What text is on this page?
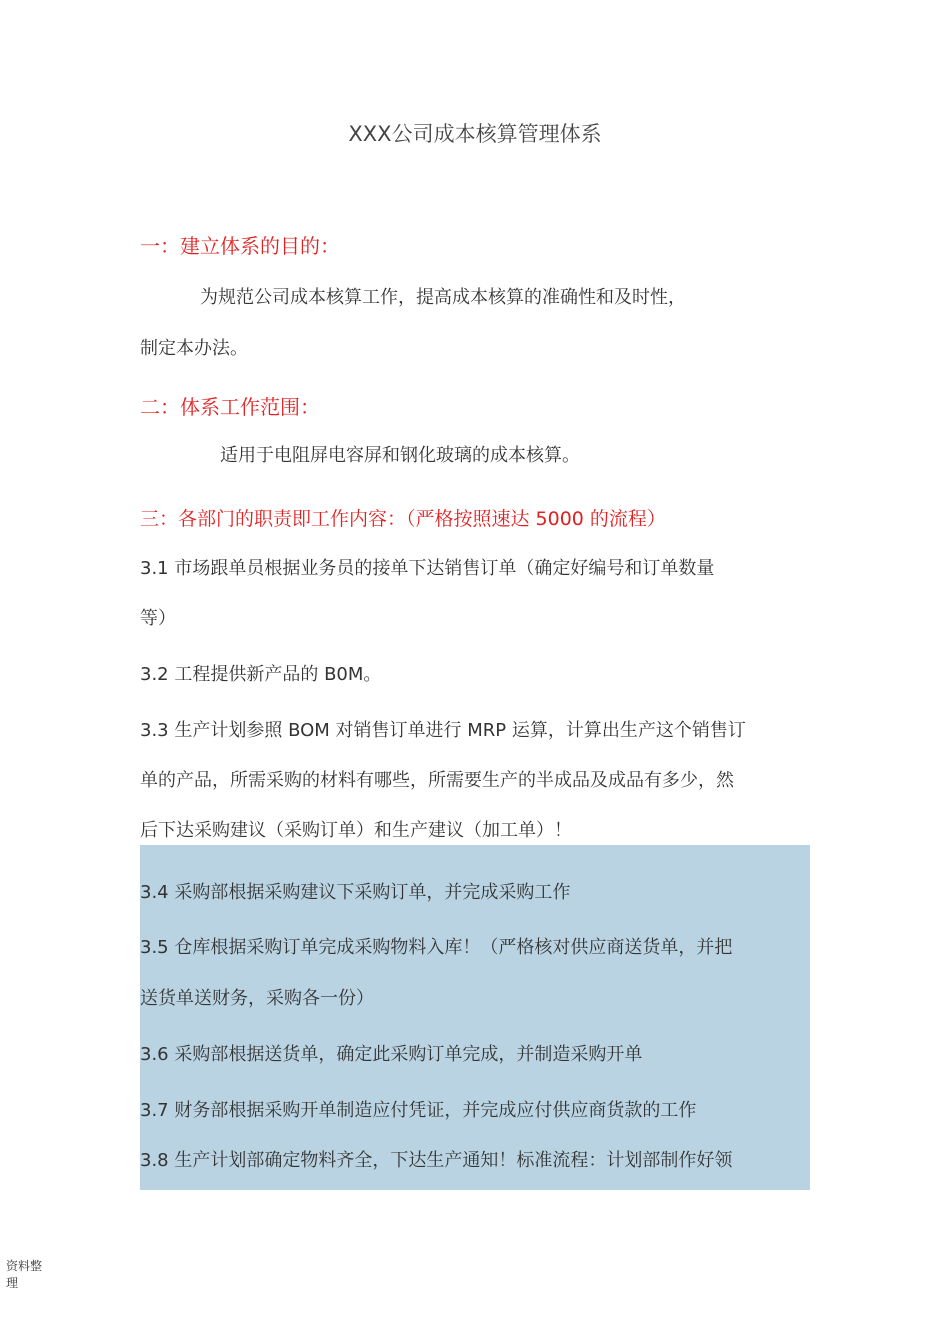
XXX公司成本核算管理体系
一：建立体系的目的：
为规范公司成本核算工作，提高成本核算的准确性和及时性，
制定本办法。
二：体系工作范围：
适用于电阻屏电容屏和钢化玻璃的成本核算。
三：各部门的职责即工作内容：（严格按照速达 5000 的流程）
3.1 市场跟单员根据业务员的接单下达销售订单（确定好编号和订单数量
等）
3.2 工程提供新产品的 B0M。
3.3 生产计划参照 BOM 对销售订单进行 MRP 运算，计算出生产这个销售订
单的产品，所需采购的材料有哪些，所需要生产的半成品及成品有多少，然
后下达采购建议（采购订单）和生产建议（加工单）！
3.4 采购部根据采购建议下采购订单，并完成采购工作
3.5 仓库根据采购订单完成采购物料入库！（严格核对供应商送货单，并把
送货单送财务，采购各一份）
3.6 采购部根据送货单，确定此采购订单完成，并制造采购开单
3.7 财务部根据采购开单制造应付凭证，并完成应付供应商货款的工作
3.8 生产计划部确定物料齐全，下达生产通知！标准流程：计划部制作好领
资料整
理
